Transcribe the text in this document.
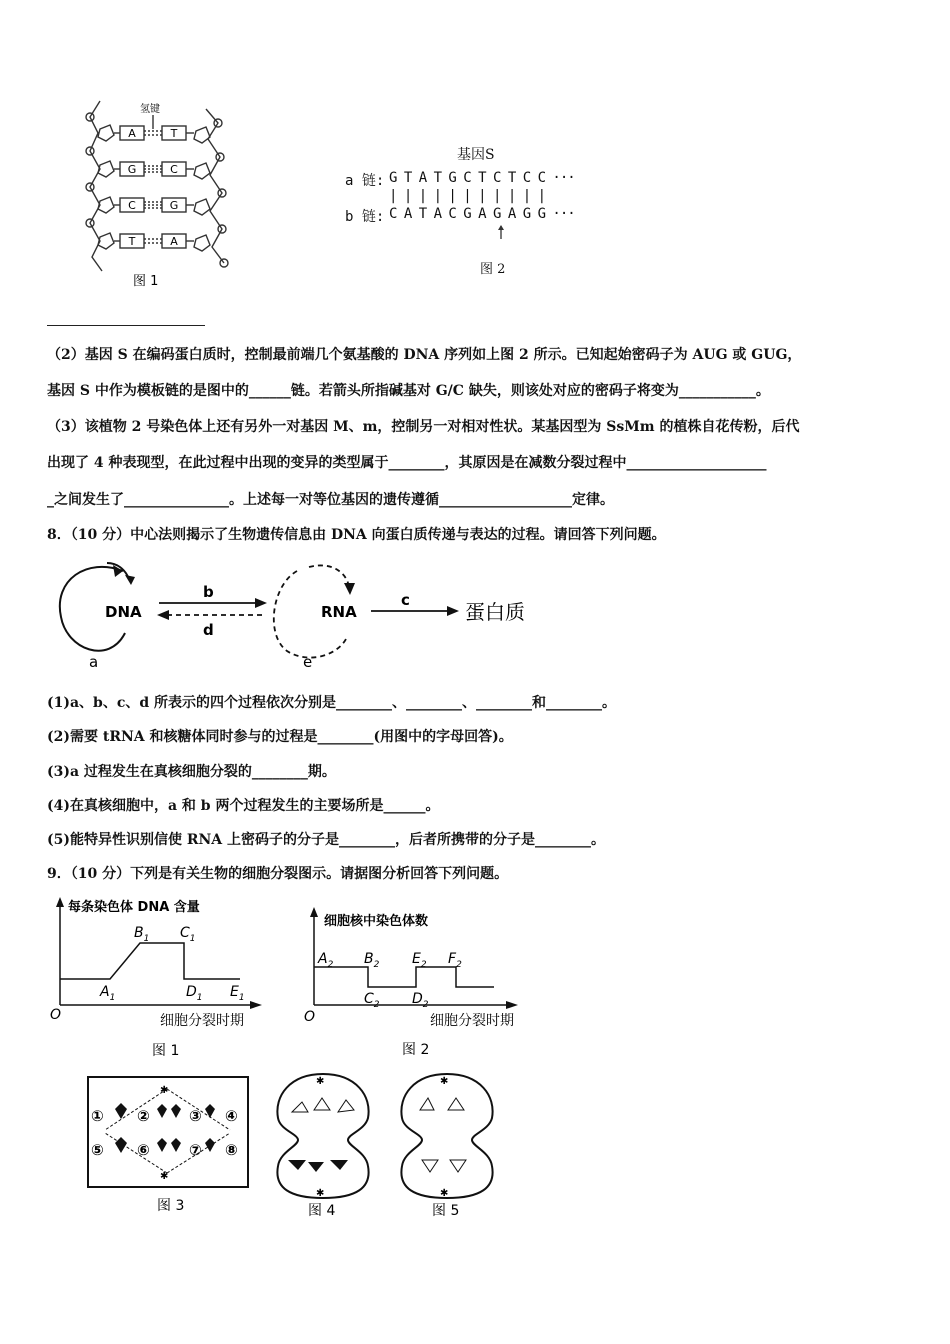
氢键
A	T
G	C
C	G
T	A
图 1
基因S
a 链: G T A T G C T C T C C ···
| | | | | | | | | | |
b 链: C A T A C G A G A G G ···
图 2
（2）基因 S 在编码蛋白质时，控制最前端几个氨基酸的 DNA 序列如上图 2 所示。已知起始密码子为 AUG 或 GUG，
基因 S 中作为模板链的是图中的______链。若箭头所指碱基对 G/C 缺失，则该处对应的密码子将变为___________。
（3）该植物 2 号染色体上还有另外一对基因 M、m，控制另一对相对性状。某基因型为 SsMm 的植株自花传粉，后代
出现了 4 种表现型，在此过程中出现的变异的类型属于________，其原因是在减数分裂过程中____________________
_之间发生了_______________。上述每一对等位基因的遗传遵循___________________定律。
8．（10 分）中心法则揭示了生物遗传信息由 DNA 向蛋白质传递与表达的过程。请回答下列问题。
DNA
a
b
d
RNA
e
c	蛋白质
(1)a、b、c、d 所表示的四个过程依次分别是________、________、________和________。
(2)需要 tRNA 和核糖体同时参与的过程是________(用图中的字母回答)。
(3)a 过程发生在真核细胞分裂的________期。
(4)在真核细胞中，a 和 b 两个过程发生的主要场所是______。
(5)能特异性识别信使 RNA 上密码子的分子是________，后者所携带的分子是________。
9．（10 分）下列是有关生物的细胞分裂图示。请据图分析回答下列问题。
每条染色体 DNA 含量
O	细胞分裂时期
图 1
$A_1$
$B_1$ $C_1$
$D_1$ $E_1$
细胞核中染色体数
O	细胞分裂时期
图 2
$A_2$ $B_2$
$C_2$ $D_2$
$E_2$ $F_2$
✱
✱
① ②	③ ④
⑤ ⑥	⑦ ⑧
图 3
✱
✱
图 4
✱
✱
图 5
